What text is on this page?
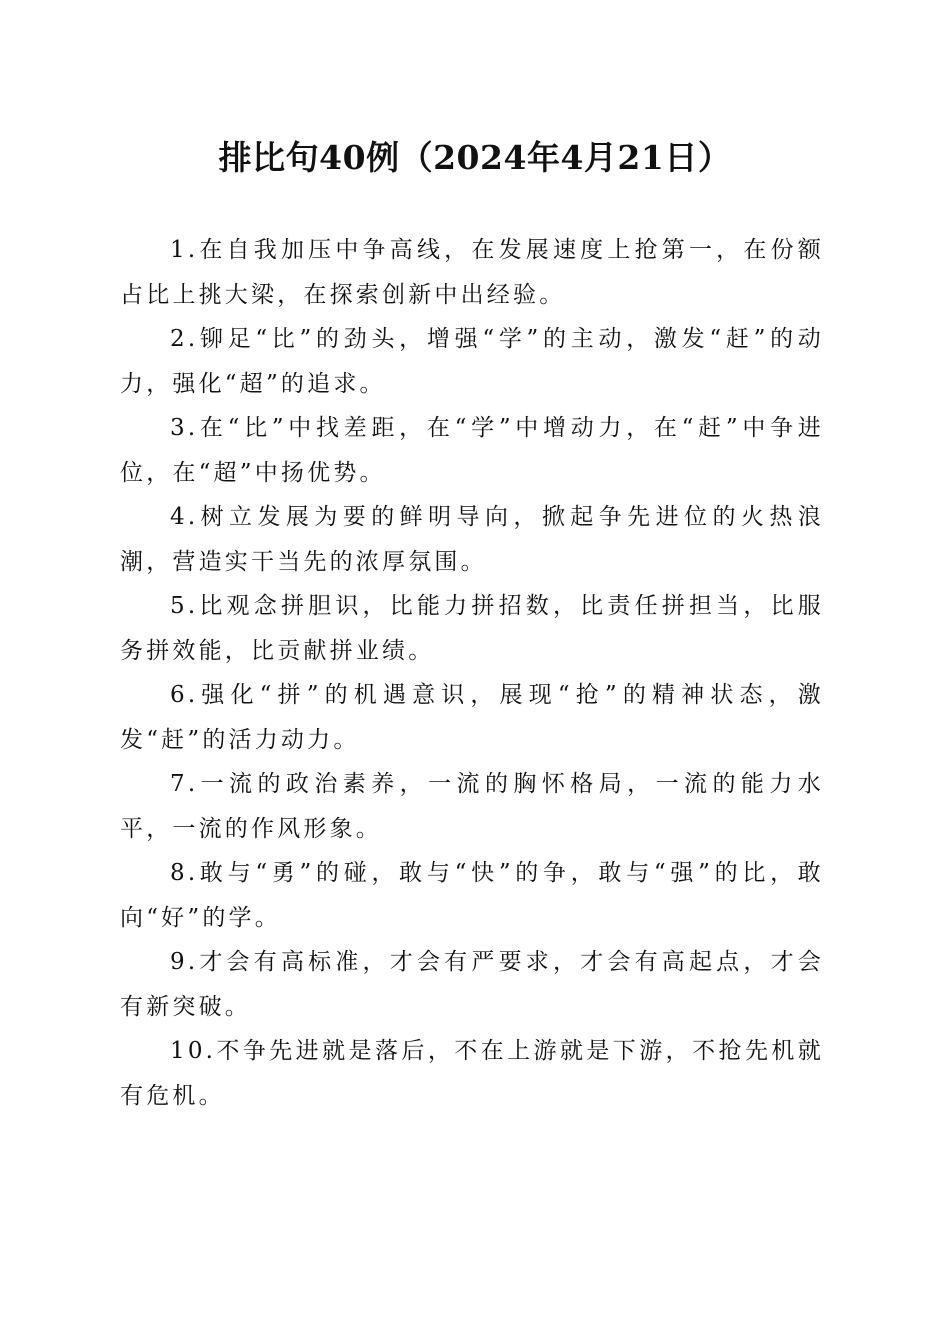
排比句40例（2024年4月21日）

1.在自我加压中争高线，在发展速度上抢第一，在份额占比上挑大梁，在探索创新中出经验。

2.铆足“比”的劲头，增强“学”的主动，激发“赶”的动力，强化“超”的追求。

3.在“比”中找差距，在“学”中增动力，在“赶”中争进位，在“超”中扬优势。

4.树立发展为要的鲜明导向，掀起争先进位的火热浪潮，营造实干当先的浓厚氛围。

5.比观念拼胆识，比能力拼招数，比责任拼担当，比服务拼效能，比贡献拼业绩。

6.强化“拼”的机遇意识，展现“抢”的精神状态，激发“赶”的活力动力。

7.一流的政治素养，一流的胸怀格局，一流的能力水平，一流的作风形象。

8.敢与“勇”的碰，敢与“快”的争，敢与“强”的比，敢向“好”的学。

9.才会有高标准，才会有严要求，才会有高起点，才会有新突破。

10.不争先进就是落后，不在上游就是下游，不抢先机就有危机。
